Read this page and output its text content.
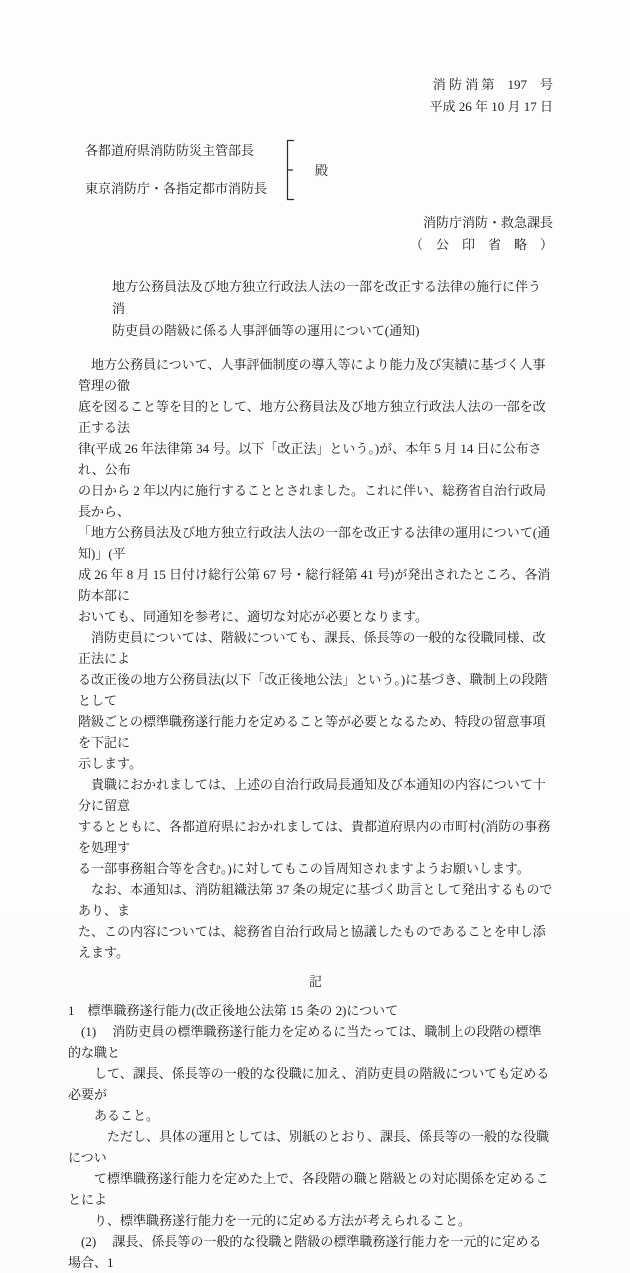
消 防 消 第　197　号
平成 26 年 10 月 17 日
各都道府県消防防災主管部長
東京消防庁・各指定都市消防長
殿
消防庁消防・救急課長
（　公　印　省　略　）
地方公務員法及び地方独立行政法人法の一部を改正する法律の施行に伴う消
防吏員の階級に係る人事評価等の運用について(通知)
　地方公務員について、人事評価制度の導入等により能力及び実績に基づく人事管理の徹
底を図ること等を目的として、地方公務員法及び地方独立行政法人法の一部を改正する法
律(平成 26 年法律第 34 号。以下「改正法」という。)が、本年 5 月 14 日に公布され、公布
の日から 2 年以内に施行することとされました。これに伴い、総務省自治行政局長から、
「地方公務員法及び地方独立行政法人法の一部を改正する法律の運用について(通知)」(平
成 26 年 8 月 15 日付け総行公第 67 号・総行経第 41 号)が発出されたところ、各消防本部に
おいても、同通知を参考に、適切な対応が必要となります。
　消防吏員については、階級についても、課長、係長等の一般的な役職同様、改正法によ
る改正後の地方公務員法(以下「改正後地公法」という。)に基づき、職制上の段階として
階級ごとの標準職務遂行能力を定めること等が必要となるため、特段の留意事項を下記に
示します。
　貴職におかれましては、上述の自治行政局長通知及び本通知の内容について十分に留意
するとともに、各都道府県におかれましては、貴都道府県内の市町村(消防の事務を処理す
る一部事務組合等を含む。)に対してもこの旨周知されますようお願いします。
　なお、本通知は、消防組織法第 37 条の規定に基づく助言として発出するものであり、ま
た、この内容については、総務省自治行政局と協議したものであることを申し添えます。
記
1　標準職務遂行能力(改正後地公法第 15 条の 2)について
　(1)　 消防吏員の標準職務遂行能力を定めるに当たっては、職制上の段階の標準的な職と
　　して、課長、係長等の一般的な役職に加え、消防吏員の階級についても定める必要が
　　あること。
　　　ただし、具体の運用としては、別紙のとおり、課長、係長等の一般的な役職につい
　　て標準職務遂行能力を定めた上で、各段階の職と階級との対応関係を定めることによ
　　り、標準職務遂行能力を一元的に定める方法が考えられること。
　(2)　 課長、係長等の一般的な役職と階級の標準職務遂行能力を一元的に定める場合、1
